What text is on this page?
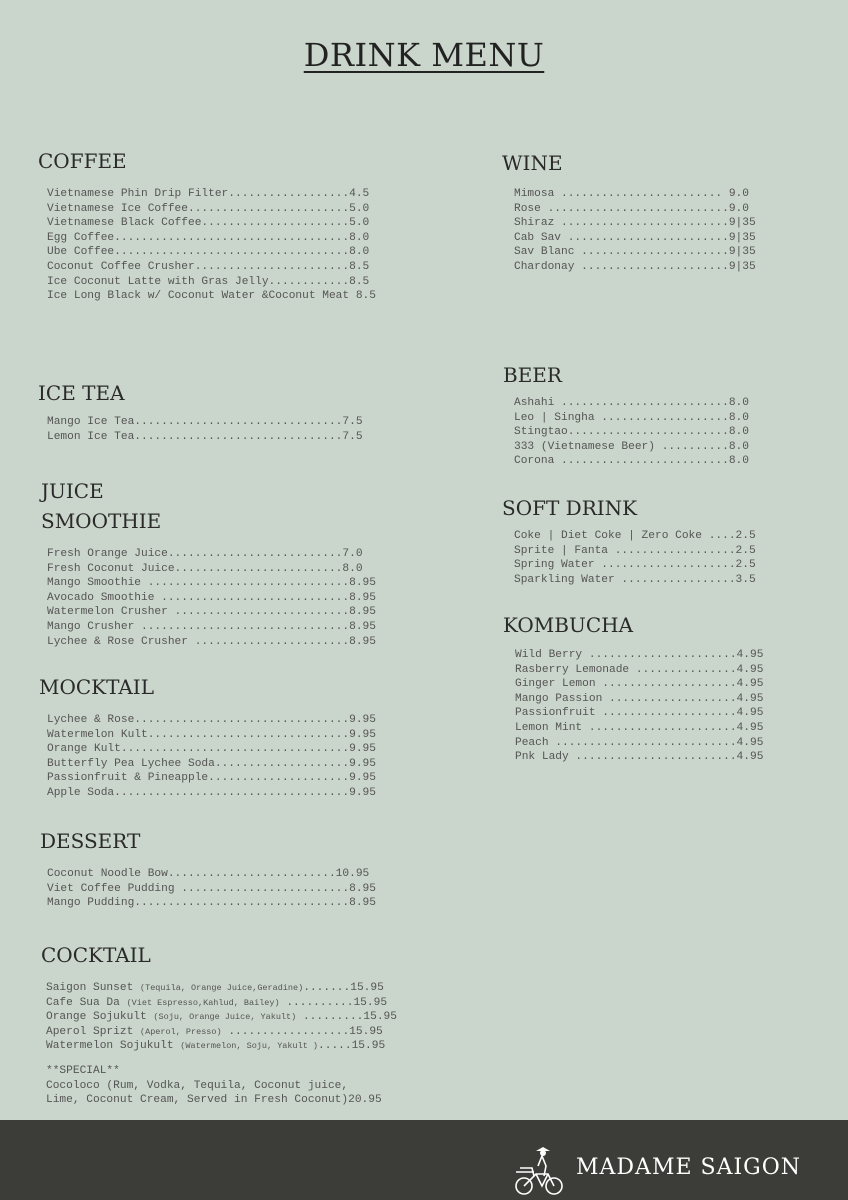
DRINK MENU
COFFEE
Vietnamese Phin Drip Filter..................4.5
Vietnamese Ice Coffee........................5.0
Vietnamese Black Coffee......................5.0
Egg Coffee...................................8.0
Ube Coffee...................................8.0
Coconut Coffee Crusher.......................8.5
Ice Coconut Latte with Gras Jelly............8.5
Ice Long Black w/ Coconut Water &Coconut Meat 8.5
ICE TEA
Mango Ice Tea...............................7.5
Lemon Ice Tea...............................7.5
JUICE
SMOOTHIE
Fresh Orange Juice..........................7.0
Fresh Coconut Juice.........................8.0
Mango Smoothie ..............................8.95
Avocado Smoothie ............................8.95
Watermelon Crusher ..........................8.95
Mango Crusher ...............................8.95
Lychee & Rose Crusher .......................8.95
MOCKTAIL
Lychee & Rose................................9.95
Watermelon Kult..............................9.95
Orange Kult..................................9.95
Butterfly Pea Lychee Soda....................9.95
Passionfruit & Pineapple.....................9.95
Apple Soda...................................9.95
DESSERT
Coconut Noodle Bow.........................10.95
Viet Coffee Pudding .........................8.95
Mango Pudding................................8.95
COCKTAIL
Saigon Sunset (Tequila, Orange Juice,Geradine).......15.95
Cafe Sua Da (Viet Espresso,Kahlud, Bailey) ..........15.95
Orange Sojukult (Soju, Orange Juice, Yakult) .........15.95
Aperol Sprizt (Aperol, Presso) ..................15.95
Watermelon Sojukult (Watermelon, Soju, Yakult ).....15.95
**SPECIAL**
Cocoloco (Rum, Vodka, Tequila, Coconut juice,
Lime, Coconut Cream, Served in Fresh Coconut)20.95
WINE
Mimosa ........................ 9.0
Rose ...........................9.0
Shiraz .........................9|35
Cab Sav ........................9|35
Sav Blanc ......................9|35
Chardonay ......................9|35
BEER
Ashahi .........................8.0
Leo | Singha ...................8.0
Stingtao........................8.0
333 (Vietnamese Beer) ..........8.0
Corona .........................8.0
SOFT DRINK
Coke | Diet Coke | Zero Coke ....2.5
Sprite | Fanta ..................2.5
Spring Water ....................2.5
Sparkling Water .................3.5
KOMBUCHA
Wild Berry ......................4.95
Rasberry Lemonade ...............4.95
Ginger Lemon ....................4.95
Mango Passion ...................4.95
Passionfruit ....................4.95
Lemon Mint ......................4.95
Peach ...........................4.95
Pnk Lady ........................4.95
MADAME SAIGON
